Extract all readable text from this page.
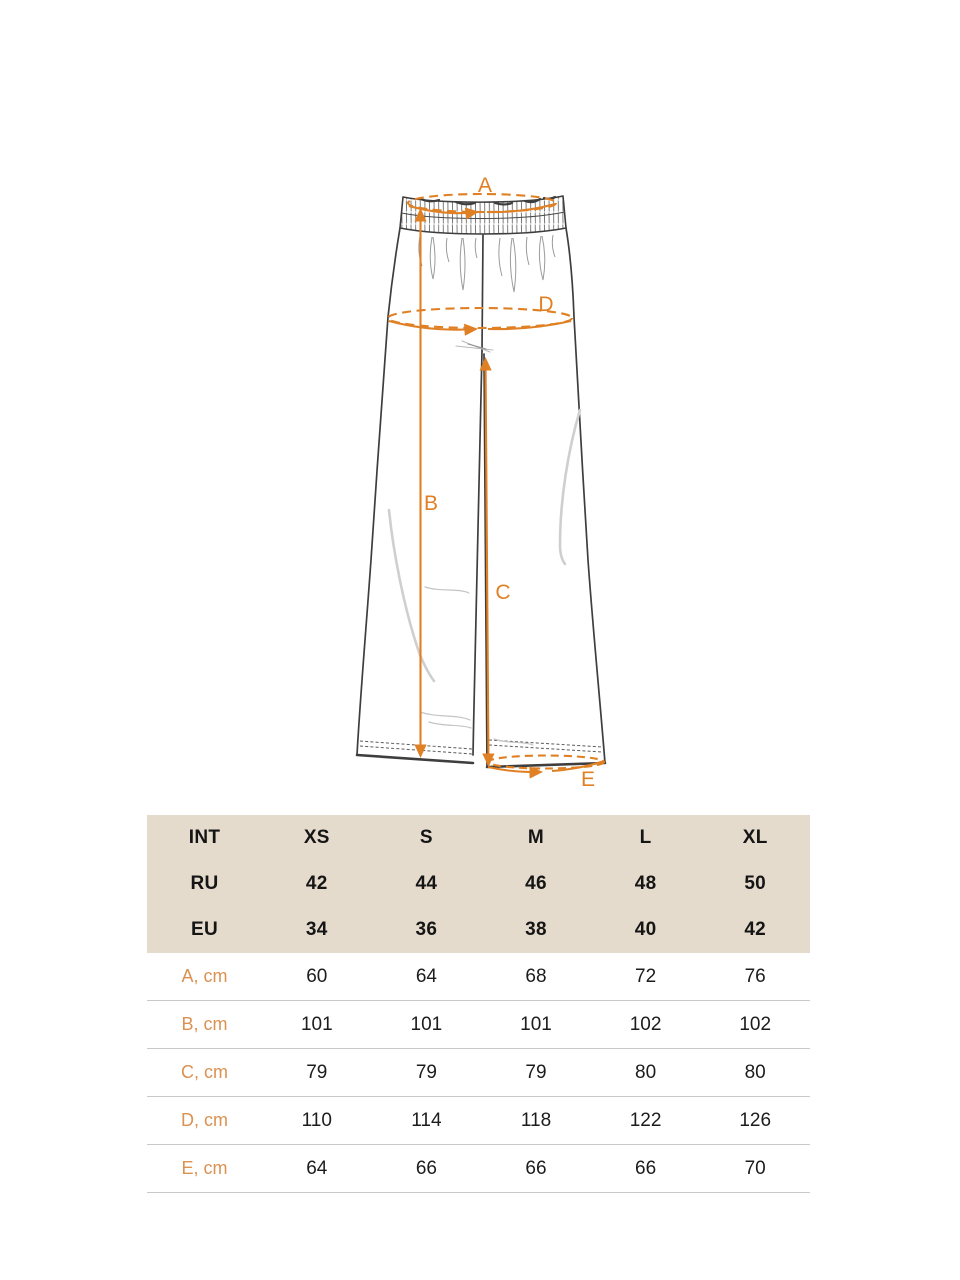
A
B
C
D
E
INT	XS	S	M	L	XL
RU	42	44	46	48	50
EU	34	36	38	40	42
A, cm	60	64	68	72	76
B, cm	101	101	101	102	102
C, cm	79	79	79	80	80
D, cm	110	114	118	122	126
E, cm	64	66	66	66	70
